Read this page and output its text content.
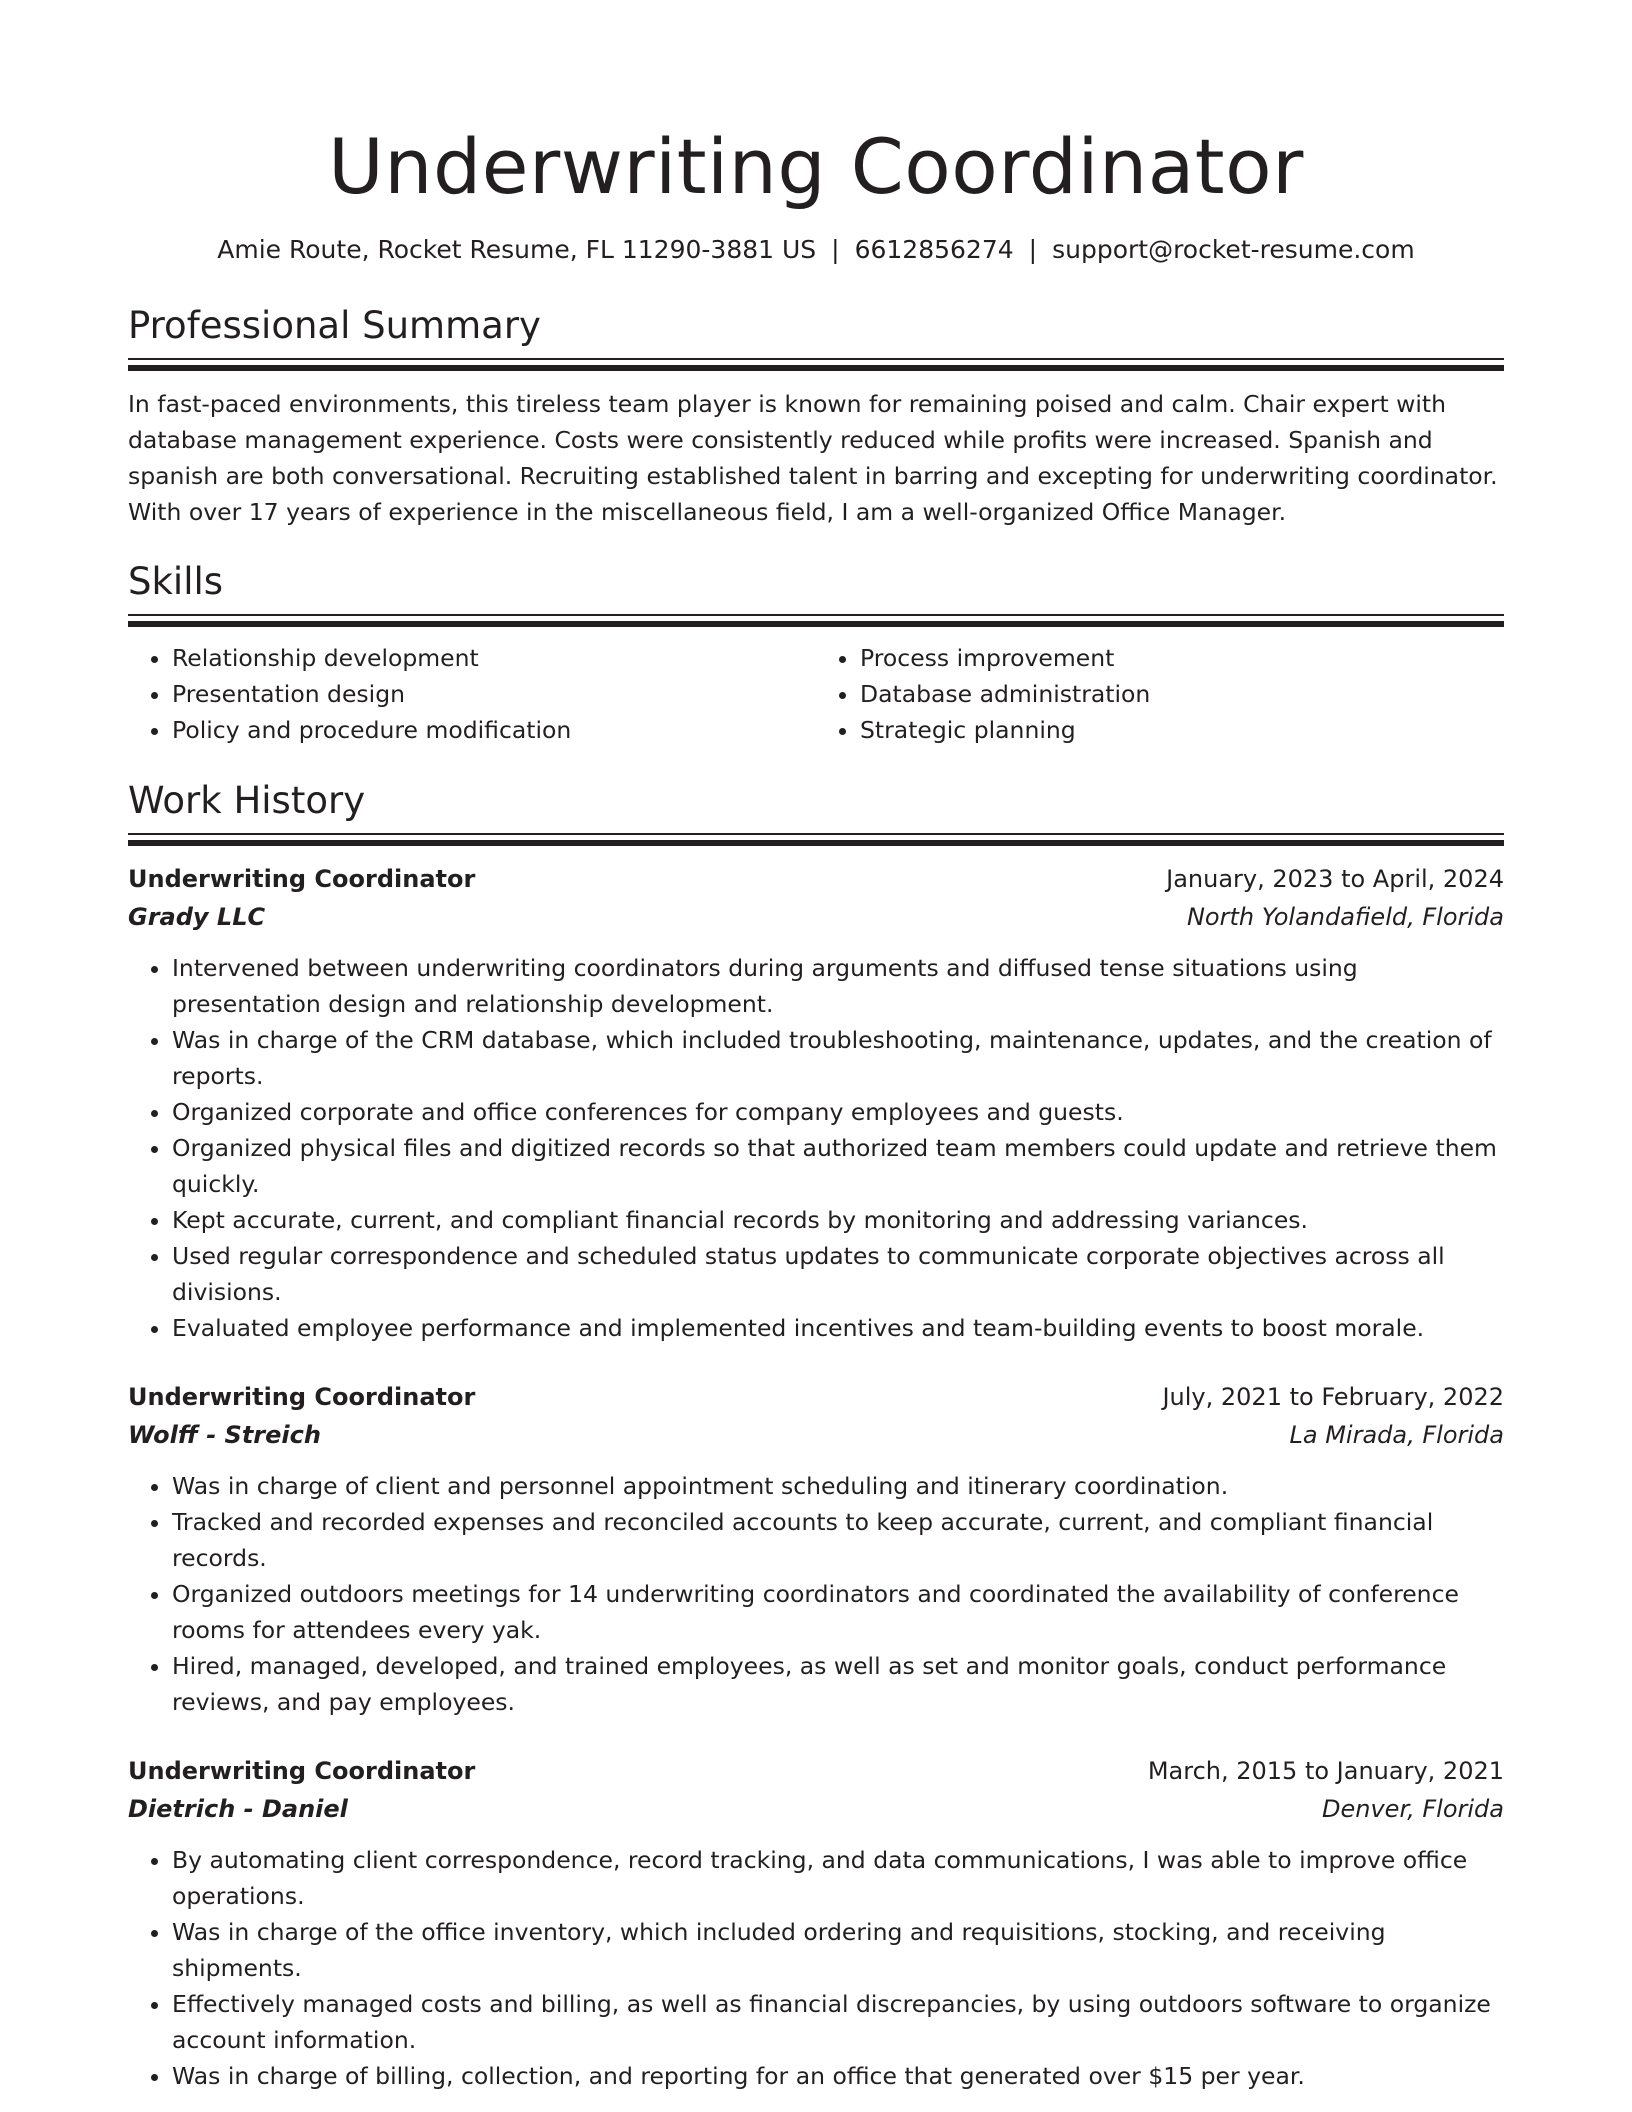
Underwriting Coordinator
Amie Route, Rocket Resume, FL 11290-3881 US | 6612856274 | support@rocket-resume.com
Professional Summary

In fast-paced environments, this tireless team player is known for remaining poised and calm. Chair expert with database management experience. Costs were consistently reduced while profits were increased. Spanish and spanish are both conversational. Recruiting established talent in barring and excepting for underwriting coordinator. With over 17 years of experience in the miscellaneous field, I am a well-organized Office Manager.

Skills
• Relationship development
• Presentation design
• Policy and procedure modification
• Process improvement
• Database administration
• Strategic planning
Work History
Underwriting Coordinator	January, 2023 to April, 2024
Grady LLC	North Yolandafield, Florida
• Intervened between underwriting coordinators during arguments and diffused tense situations using presentation design and relationship development.
• Was in charge of the CRM database, which included troubleshooting, maintenance, updates, and the creation of reports.
• Organized corporate and office conferences for company employees and guests.
• Organized physical files and digitized records so that authorized team members could update and retrieve them quickly.
• Kept accurate, current, and compliant financial records by monitoring and addressing variances.
• Used regular correspondence and scheduled status updates to communicate corporate objectives across all divisions.
• Evaluated employee performance and implemented incentives and team-building events to boost morale.
Underwriting Coordinator	July, 2021 to February, 2022
Wolff - Streich	La Mirada, Florida
• Was in charge of client and personnel appointment scheduling and itinerary coordination.
• Tracked and recorded expenses and reconciled accounts to keep accurate, current, and compliant financial records.
• Organized outdoors meetings for 14 underwriting coordinators and coordinated the availability of conference rooms for attendees every yak.
• Hired, managed, developed, and trained employees, as well as set and monitor goals, conduct performance reviews, and pay employees.
Underwriting Coordinator	March, 2015 to January, 2021
Dietrich - Daniel	Denver, Florida
• By automating client correspondence, record tracking, and data communications, I was able to improve office operations.
• Was in charge of the office inventory, which included ordering and requisitions, stocking, and receiving shipments.
• Effectively managed costs and billing, as well as financial discrepancies, by using outdoors software to organize account information.
• Was in charge of billing, collection, and reporting for an office that generated over $15 per year.
